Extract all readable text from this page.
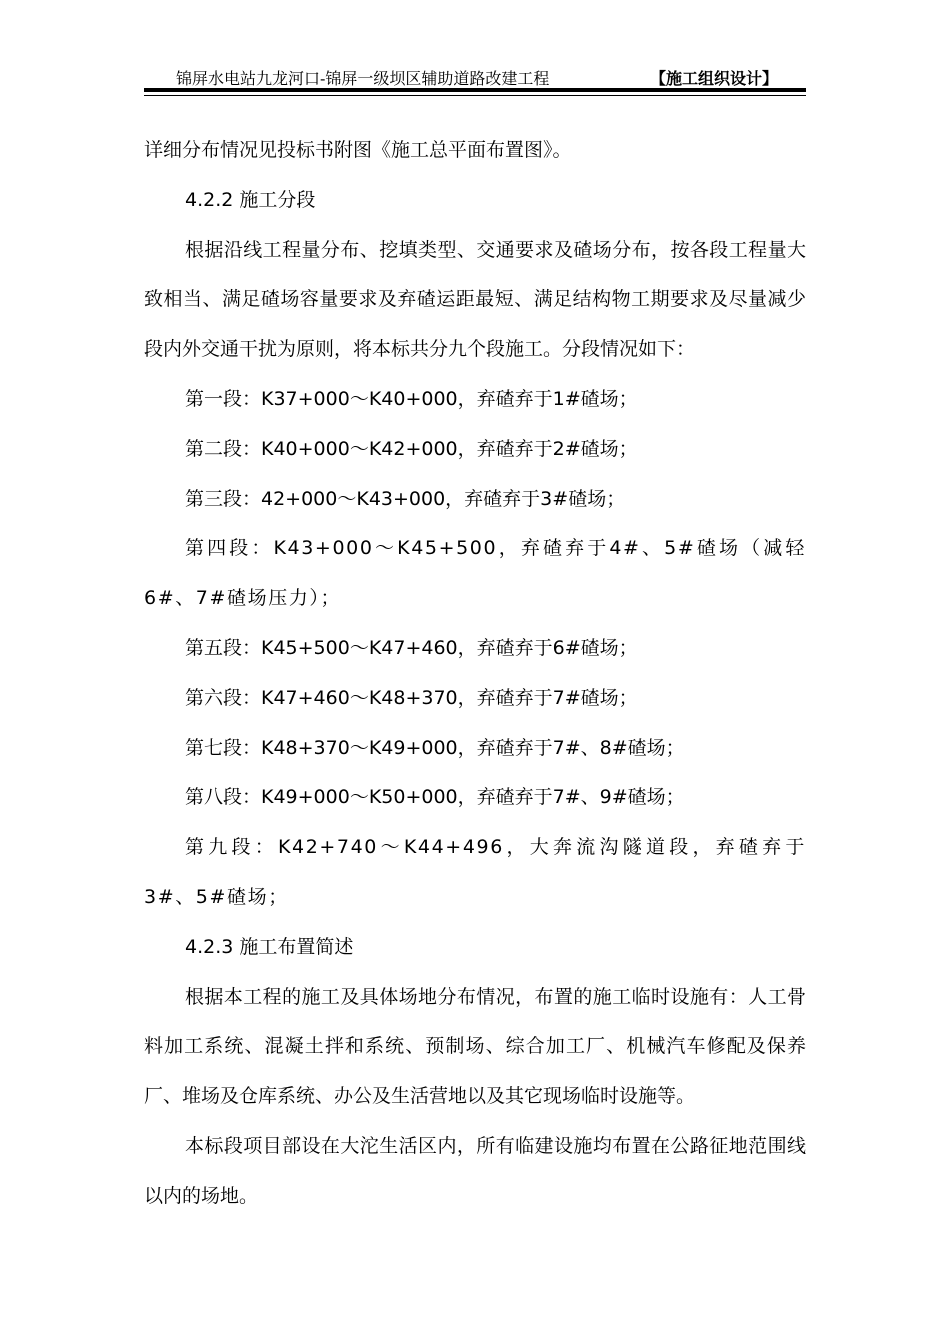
锦屏水电站九龙河口-锦屏一级坝区辅助道路改建工程	【施工组织设计】

详细分布情况见投标书附图《施工总平面布置图》。

4.2.2 施工分段

根据沿线工程量分布、挖填类型、交通要求及碴场分布，按各段工程量大致相当、满足碴场容量要求及弃碴运距最短、满足结构物工期要求及尽量减少段内外交通干扰为原则，将本标共分九个段施工。分段情况如下：

第一段：K37+000～K40+000，弃碴弃于1#碴场；

第二段：K40+000～K42+000，弃碴弃于2#碴场；

第三段：42+000～K43+000，弃碴弃于3#碴场；

第四段：K43+000～K45+500，弃碴弃于4#、5#碴场（减轻6#、7#碴场压力）；

第五段：K45+500～K47+460，弃碴弃于6#碴场；

第六段：K47+460～K48+370，弃碴弃于7#碴场；

第七段：K48+370～K49+000，弃碴弃于7#、8#碴场；

第八段：K49+000～K50+000，弃碴弃于7#、9#碴场；

第九段：K42+740～K44+496，大奔流沟隧道段，弃碴弃于3#、5#碴场；

4.2.3 施工布置简述

根据本工程的施工及具体场地分布情况，布置的施工临时设施有：人工骨料加工系统、混凝土拌和系统、预制场、综合加工厂、机械汽车修配及保养厂、堆场及仓库系统、办公及生活营地以及其它现场临时设施等。

本标段项目部设在大沱生活区内，所有临建设施均布置在公路征地范围线以内的场地。
